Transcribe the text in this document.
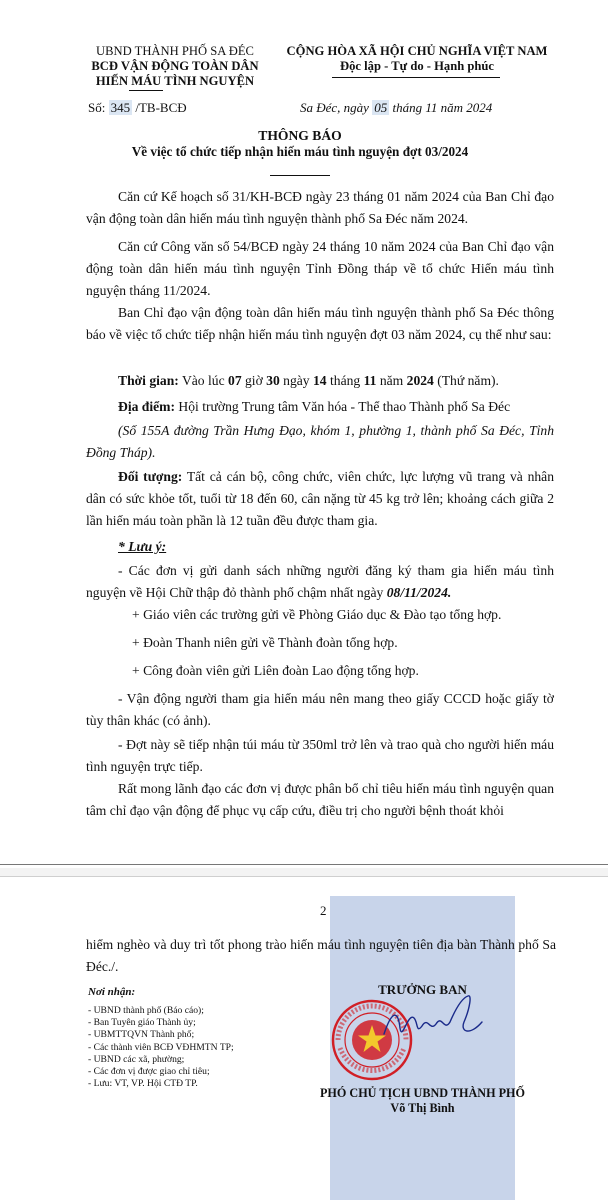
UBND THÀNH PHỐ SA ĐÉC
BCĐ VẬN ĐỘNG TOÀN DÂN
HIẾN MÁU TÌNH NGUYỆN
CỘNG HÒA XÃ HỘI CHỦ NGHĨA VIỆT NAM
Độc lập - Tự do - Hạnh phúc
Số: 345 /TB-BCĐ	Sa Đéc, ngày 05 tháng 11 năm 2024
THÔNG BÁO
Về việc tổ chức tiếp nhận hiến máu tình nguyện đợt 03/2024
Căn cứ Kế hoạch số 31/KH-BCĐ ngày 23 tháng 01 năm 2024 của Ban Chỉ đạo vận động toàn dân hiến máu tình nguyện thành phố Sa Đéc năm 2024.
Căn cứ Công văn số 54/BCĐ ngày 24 tháng 10 năm 2024 của Ban Chỉ đạo vận động toàn dân hiến máu tình nguyện Tỉnh Đồng tháp về tổ chức Hiến máu tình nguyện tháng 11/2024.
Ban Chỉ đạo vận động toàn dân hiến máu tình nguyện thành phố Sa Đéc thông báo về việc tổ chức tiếp nhận hiến máu tình nguyện đợt 03 năm 2024, cụ thể như sau:
Thời gian: Vào lúc 07 giờ 30 ngày 14 tháng 11 năm 2024 (Thứ năm).
Địa điểm: Hội trường Trung tâm Văn hóa - Thể thao Thành phố Sa Đéc
(Số 155A đường Trần Hưng Đạo, khóm 1, phường 1, thành phố Sa Đéc, Tỉnh Đồng Tháp).
Đối tượng: Tất cả cán bộ, công chức, viên chức, lực lượng vũ trang và nhân dân có sức khỏe tốt, tuổi từ 18 đến 60, cân nặng từ 45 kg trở lên; khoảng cách giữa 2 lần hiến máu toàn phần là 12 tuần đều được tham gia.
* Lưu ý:
- Các đơn vị gửi danh sách những người đăng ký tham gia hiến máu tình nguyện về Hội Chữ thập đỏ thành phố chậm nhất ngày 08/11/2024.
+ Giáo viên các trường gửi về Phòng Giáo dục & Đào tạo tổng hợp.
+ Đoàn Thanh niên gửi về Thành đoàn tổng hợp.
+ Công đoàn viên gửi Liên đoàn Lao động tổng hợp.
- Vận động người tham gia hiến máu nên mang theo giấy CCCD hoặc giấy tờ tùy thân khác (có ảnh).
- Đợt này sẽ tiếp nhận túi máu từ 350ml trở lên và trao quà cho người hiến máu tình nguyện trực tiếp.
Rất mong lãnh đạo các đơn vị được phân bổ chỉ tiêu hiến máu tình nguyện quan tâm chỉ đạo vận động để phục vụ cấp cứu, điều trị cho người bệnh thoát khỏi
2
hiểm nghèo và duy trì tốt phong trào hiến máu tình nguyện tiên địa bàn Thành phố Sa Đéc./.
Nơi nhận:
- UBND thành phố (Báo cáo);
- Ban Tuyên giáo Thành ủy;
- UBMTTQVN Thành phố;
- Các thành viên BCĐ VĐHMTN TP;
- UBND các xã, phường;
- Các đơn vị được giao chỉ tiêu;
- Lưu: VT, VP. Hội CTĐ TP.
TRƯỞNG BAN
PHÓ CHỦ TỊCH UBND THÀNH PHỐ
Võ Thị Bình
